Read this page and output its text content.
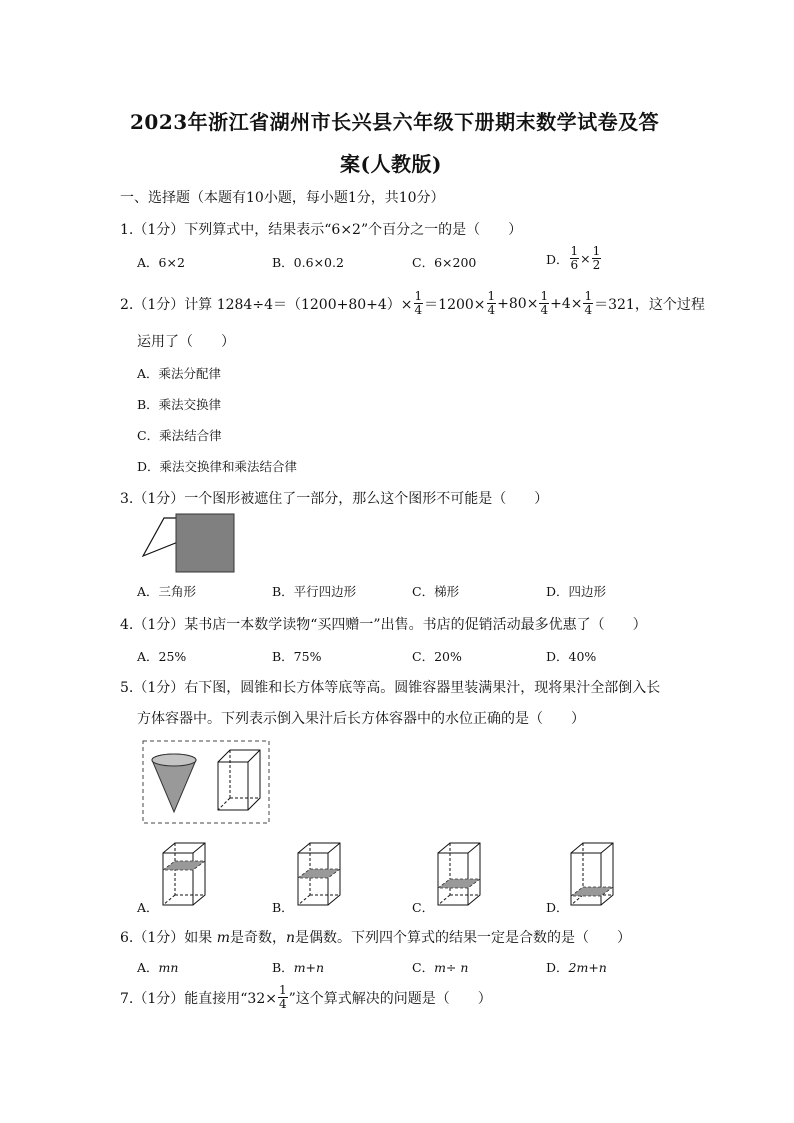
2023年浙江省湖州市长兴县六年级下册期末数学试卷及答
案(人教版)
一、选择题（本题有10小题，每小题1分，共10分）
1.（1分）下列算式中，结果表示“6×2”个百分之一的是（　　）
A．6×2	B．0.6×0.2	C．6×200	D． $\frac{1}{6} \times \frac{1}{2}$
2.（1分）计算 $1284\div 4=(1200+80+4)\times \frac{1}{4} =1200\times \frac{1}{4} +80\times \frac{1}{4} +4\times \frac{1}{4} =321$，这个过程
运用了（　　）
A．乘法分配律
B．乘法交换律
C．乘法结合律
D．乘法交换律和乘法结合律
3.（1分）一个图形被遮住了一部分，那么这个图形不可能是（　　）
A．三角形	B．平行四边形	C．梯形	D．四边形
4.（1分）某书店一本数学读物“买四赠一”出售。书店的促销活动最多优惠了（　　）
A．25%	B．75%	C．20%	D．40%
5.（1分）右下图，圆锥和长方体等底等高。圆锥容器里装满果汁，现将果汁全部倒入长
方体容器中。下列表示倒入果汁后长方体容器中的水位正确的是（　　）
A．	B．	C．	D．
6.（1分）如果 m是奇数，n是偶数。下列四个算式的结果一定是合数的是（　　）
A．mn	B．m+n	C．m÷ n	D．2m+n
7.（1分）能直接用“$32\times \frac{1}{4}$ ”这个算式解决的问题是（　　）
